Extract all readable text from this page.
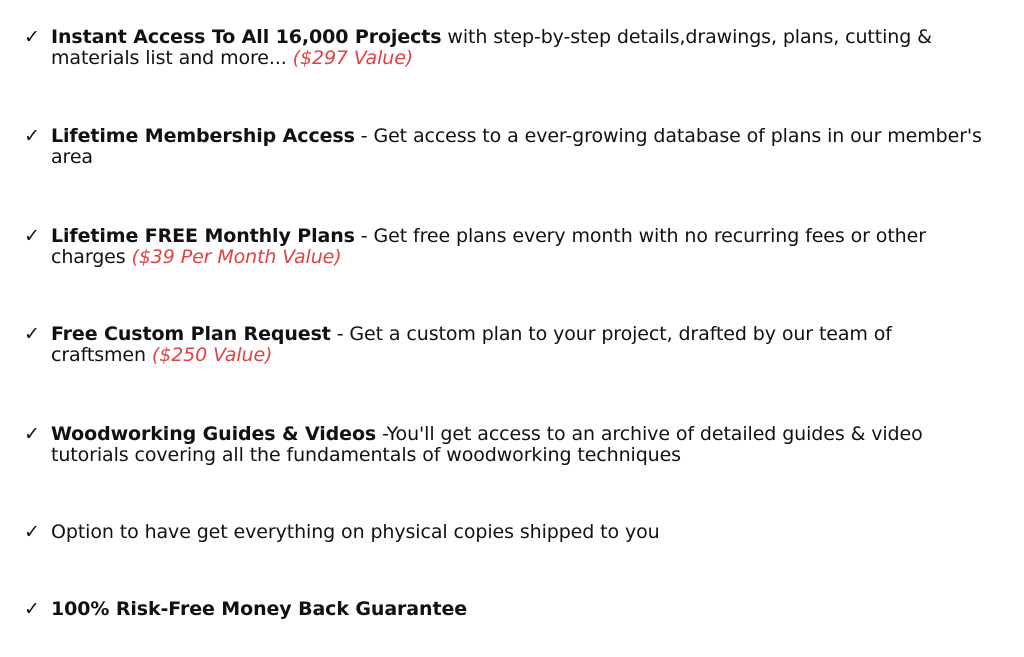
✓ Instant Access To All 16,000 Projects with step-by-step details,drawings, plans, cutting & materials list and more... ($297 Value)
✓ Lifetime Membership Access - Get access to a ever-growing database of plans in our member's area
✓ Lifetime FREE Monthly Plans - Get free plans every month with no recurring fees or other charges ($39 Per Month Value)
✓ Free Custom Plan Request - Get a custom plan to your project, drafted by our team of craftsmen ($250 Value)
✓ Woodworking Guides & Videos -You'll get access to an archive of detailed guides & video tutorials covering all the fundamentals of woodworking techniques
✓ Option to have get everything on physical copies shipped to you
✓ 100% Risk-Free Money Back Guarantee
